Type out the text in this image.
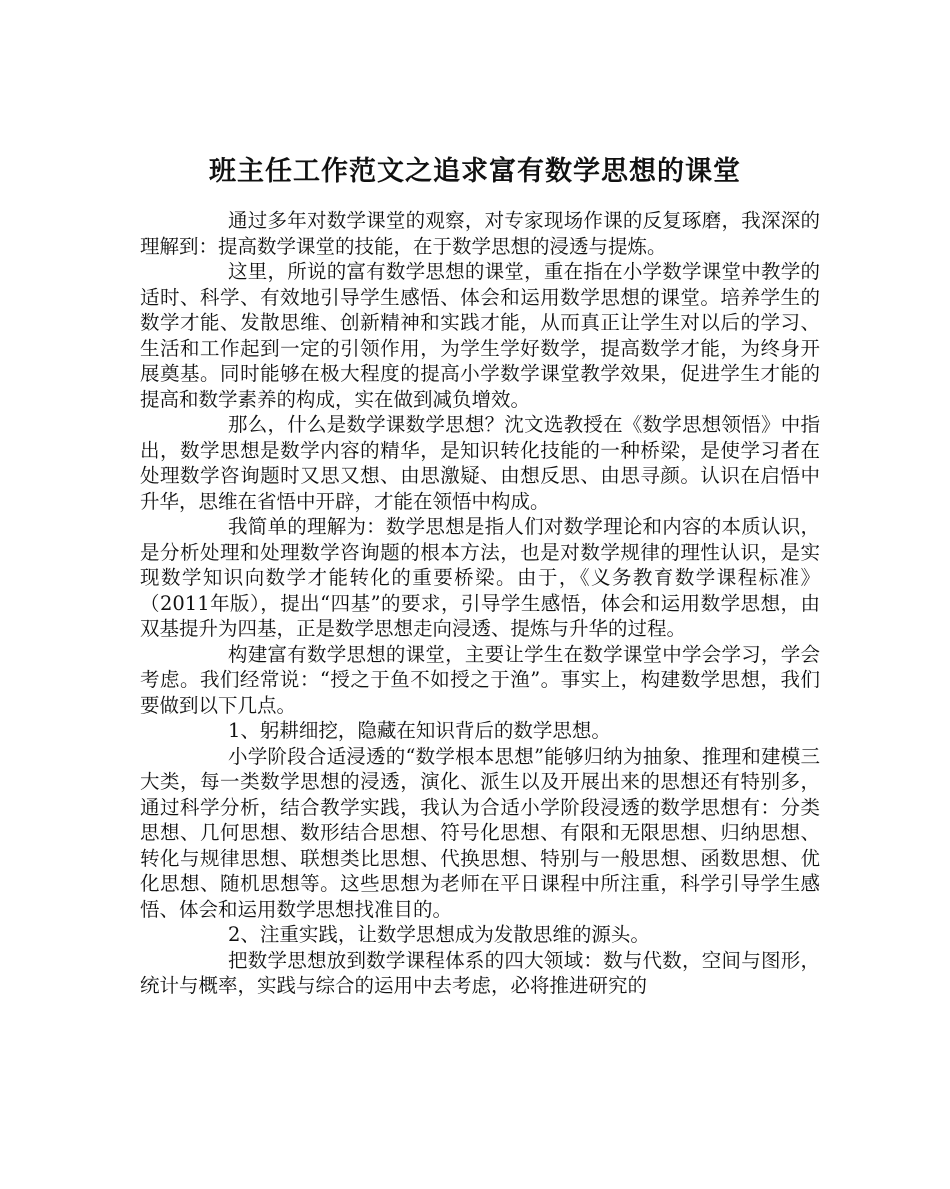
班主任工作范文之追求富有数学思想的课堂

通过多年对数学课堂的观察，对专家现场作课的反复琢磨，我深深的理解到：提高数学课堂的技能，在于数学思想的浸透与提炼。

这里，所说的富有数学思想的课堂，重在指在小学数学课堂中教学的适时、科学、有效地引导学生感悟、体会和运用数学思想的课堂。培养学生的数学才能、发散思维、创新精神和实践才能，从而真正让学生对以后的学习、生活和工作起到一定的引领作用，为学生学好数学，提高数学才能，为终身开展奠基。同时能够在极大程度的提高小学数学课堂教学效果，促进学生才能的提高和数学素养的构成，实在做到减负增效。

那么，什么是数学课数学思想？沈文选教授在《数学思想领悟》中指出，数学思想是数学内容的精华，是知识转化技能的一种桥梁，是使学习者在处理数学咨询题时又思又想、由思激疑、由想反思、由思寻颜。认识在启悟中升华，思维在省悟中开辟，才能在领悟中构成。

我简单的理解为：数学思想是指人们对数学理论和内容的本质认识，是分析处理和处理数学咨询题的根本方法，也是对数学规律的理性认识，是实现数学知识向数学才能转化的重要桥梁。由于，《义务教育数学课程标准》（2011年版），提出“四基”的要求，引导学生感悟，体会和运用数学思想，由双基提升为四基，正是数学思想走向浸透、提炼与升华的过程。

构建富有数学思想的课堂，主要让学生在数学课堂中学会学习，学会考虑。我们经常说：“授之于鱼不如授之于渔”。事实上，构建数学思想，我们要做到以下几点。

1、躬耕细挖，隐藏在知识背后的数学思想。

小学阶段合适浸透的“数学根本思想”能够归纳为抽象、推理和建模三大类，每一类数学思想的浸透，演化、派生以及开展出来的思想还有特别多，通过科学分析，结合教学实践，我认为合适小学阶段浸透的数学思想有：分类思想、几何思想、数形结合思想、符号化思想、有限和无限思想、归纳思想、转化与规律思想、联想类比思想、代换思想、特别与一般思想、函数思想、优化思想、随机思想等。这些思想为老师在平日课程中所注重，科学引导学生感悟、体会和运用数学思想找准目的。

2、注重实践，让数学思想成为发散思维的源头。

把数学思想放到数学课程体系的四大领域：数与代数，空间与图形，统计与概率，实践与综合的运用中去考虑，必将推进研究的
